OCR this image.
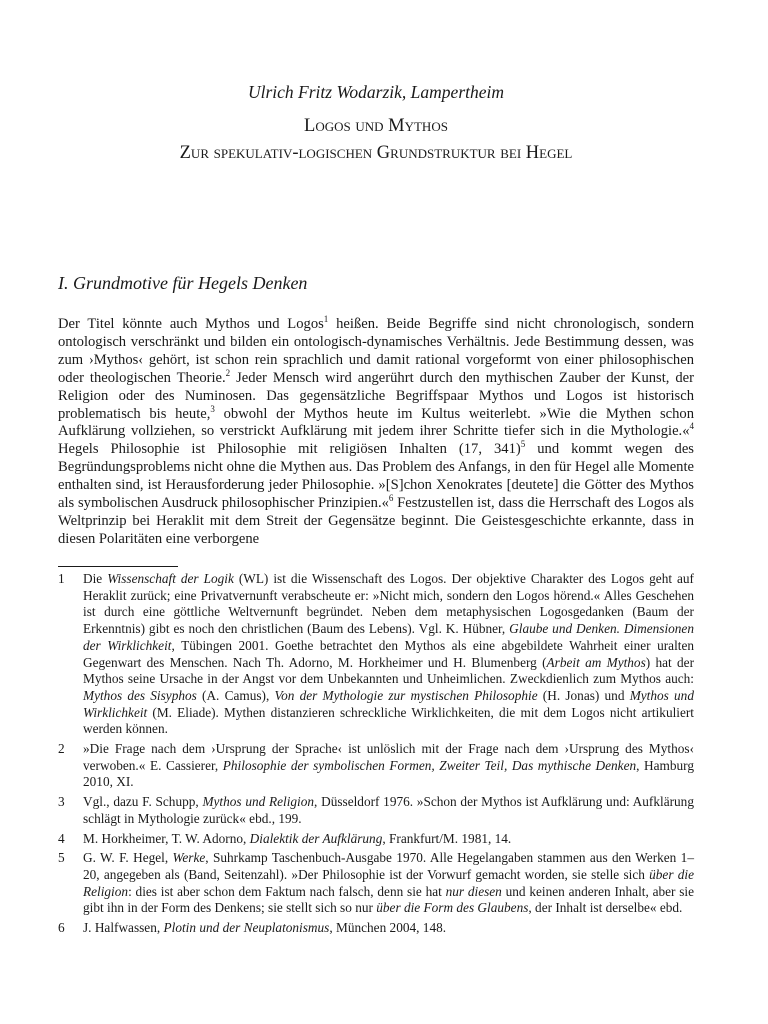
Ulrich Fritz Wodarzik, Lampertheim
Logos und Mythos
Zur spekulativ-logischen Grundstruktur bei Hegel
I. Grundmotive für Hegels Denken
Der Titel könnte auch Mythos und Logos$^1$ heißen. Beide Begriffe sind nicht chronologisch, sondern ontologisch verschränkt und bilden ein ontologisch-dynamisches Verhältnis. Jede Bestimmung dessen, was zum ›Mythos‹ gehört, ist schon rein sprachlich und damit rational vorgeformt von einer philosophischen oder theologischen Theorie.$^2$ Jeder Mensch wird angerührt durch den mythischen Zauber der Kunst, der Religion oder des Numinosen. Das gegensätzliche Begriffspaar Mythos und Logos ist historisch problematisch bis heute,$^3$ obwohl der Mythos heute im Kultus weiterlebt. »Wie die Mythen schon Aufklärung vollziehen, so verstrickt Aufklärung mit jedem ihrer Schritte tiefer sich in die Mythologie.«$^4$ Hegels Philosophie ist Philosophie mit religiösen Inhalten (17, 341)$^5$ und kommt wegen des Begründungsproblems nicht ohne die Mythen aus. Das Problem des Anfangs, in den für Hegel alle Momente enthalten sind, ist Herausforderung jeder Philosophie. »[S]chon Xenokrates [deutete] die Götter des Mythos als symbolischen Ausdruck philosophischer Prinzipien.«$^6$ Festzustellen ist, dass die Herrschaft des Logos als Weltprinzip bei Heraklit mit dem Streit der Gegensätze beginnt. Die Geistesgeschichte erkannte, dass in diesen Polaritäten eine verborgene
1	Die Wissenschaft der Logik (WL) ist die Wissenschaft des Logos. Der objektive Charakter des Logos geht auf Heraklit zurück; eine Privatvernunft verabscheute er: »Nicht mich, sondern den Logos hörend.« Alles Geschehen ist durch eine göttliche Weltvernunft begründet. Neben dem metaphysischen Logosgedanken (Baum der Erkenntnis) gibt es noch den christlichen (Baum des Lebens). Vgl. K. Hübner, Glaube und Denken. Dimensionen der Wirklichkeit, Tübingen 2001. Goethe betrachtet den Mythos als eine abgebildete Wahrheit einer uralten Gegenwart des Menschen. Nach Th. Adorno, M. Horkheimer und H. Blumenberg (Arbeit am Mythos) hat der Mythos seine Ursache in der Angst vor dem Unbekannten und Unheimlichen. Zweckdienlich zum Mythos auch: Mythos des Sisyphos (A. Camus), Von der Mythologie zur mystischen Philosophie (H. Jonas) und Mythos und Wirklichkeit (M. Eliade). Mythen distanzieren schreckliche Wirklichkeiten, die mit dem Logos nicht artikuliert werden können.
2	»Die Frage nach dem ›Ursprung der Sprache‹ ist unlöslich mit der Frage nach dem ›Ursprung des Mythos‹ verwoben.« E. Cassierer, Philosophie der symbolischen Formen, Zweiter Teil, Das mythische Denken, Hamburg 2010, XI.
3	Vgl., dazu F. Schupp, Mythos und Religion, Düsseldorf 1976. »Schon der Mythos ist Aufklärung und: Aufklärung schlägt in Mythologie zurück« ebd., 199.
4	M. Horkheimer, T. W. Adorno, Dialektik der Aufklärung, Frankfurt/M. 1981, 14.
5	G. W. F. Hegel, Werke, Suhrkamp Taschenbuch-Ausgabe 1970. Alle Hegelangaben stammen aus den Werken 1–20, angegeben als (Band, Seitenzahl). »Der Philosophie ist der Vorwurf gemacht worden, sie stelle sich über die Religion: dies ist aber schon dem Faktum nach falsch, denn sie hat nur diesen und keinen anderen Inhalt, aber sie gibt ihn in der Form des Denkens; sie stellt sich so nur über die Form des Glaubens, der Inhalt ist derselbe« ebd.
6	J. Halfwassen, Plotin und der Neuplatonismus, München 2004, 148.
